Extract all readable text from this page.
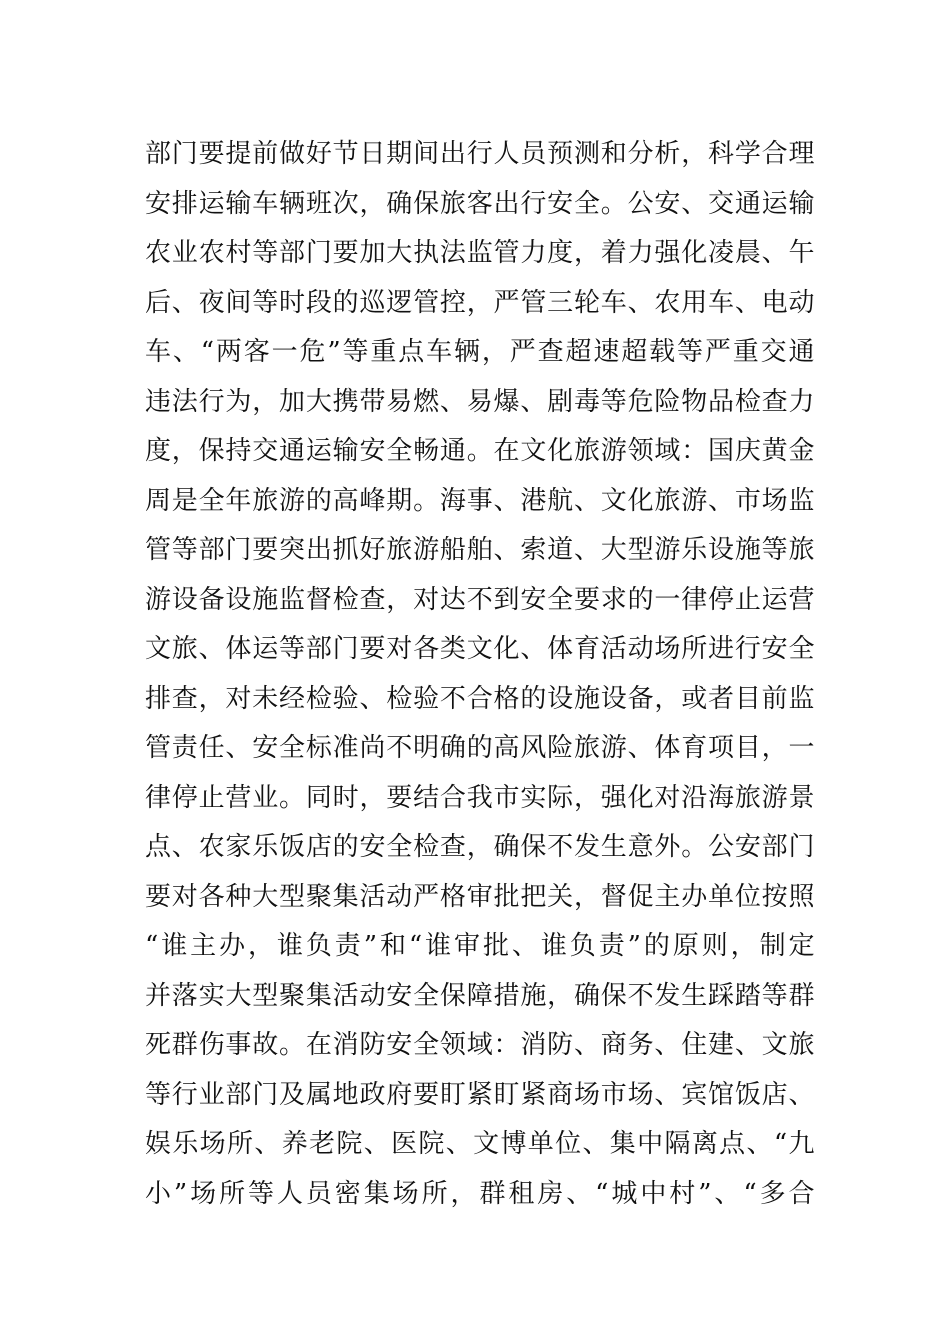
部门要提前做好节日期间出行人员预测和分析，科学合理
安排运输车辆班次，确保旅客出行安全。公安、交通运输
农业农村等部门要加大执法监管力度，着力强化凌晨、午
后、夜间等时段的巡逻管控，严管三轮车、农用车、电动
车、“两客一危”等重点车辆，严查超速超载等严重交通
违法行为，加大携带易燃、易爆、剧毒等危险物品检查力
度，保持交通运输安全畅通。在文化旅游领域：国庆黄金
周是全年旅游的高峰期。海事、港航、文化旅游、市场监
管等部门要突出抓好旅游船舶、索道、大型游乐设施等旅
游设备设施监督检查，对达不到安全要求的一律停止运营
文旅、体运等部门要对各类文化、体育活动场所进行安全
排查，对未经检验、检验不合格的设施设备，或者目前监
管责任、安全标准尚不明确的高风险旅游、体育项目，一
律停止营业。同时，要结合我市实际，强化对沿海旅游景
点、农家乐饭店的安全检查，确保不发生意外。公安部门
要对各种大型聚集活动严格审批把关，督促主办单位按照
“谁主办，谁负责”和“谁审批、谁负责”的原则，制定
并落实大型聚集活动安全保障措施，确保不发生踩踏等群
死群伤事故。在消防安全领域：消防、商务、住建、文旅
等行业部门及属地政府要盯紧盯紧商场市场、宾馆饭店、
娱乐场所、养老院、医院、文博单位、集中隔离点、“九
小”场所等人员密集场所，群租房、“城中村”、“多合
